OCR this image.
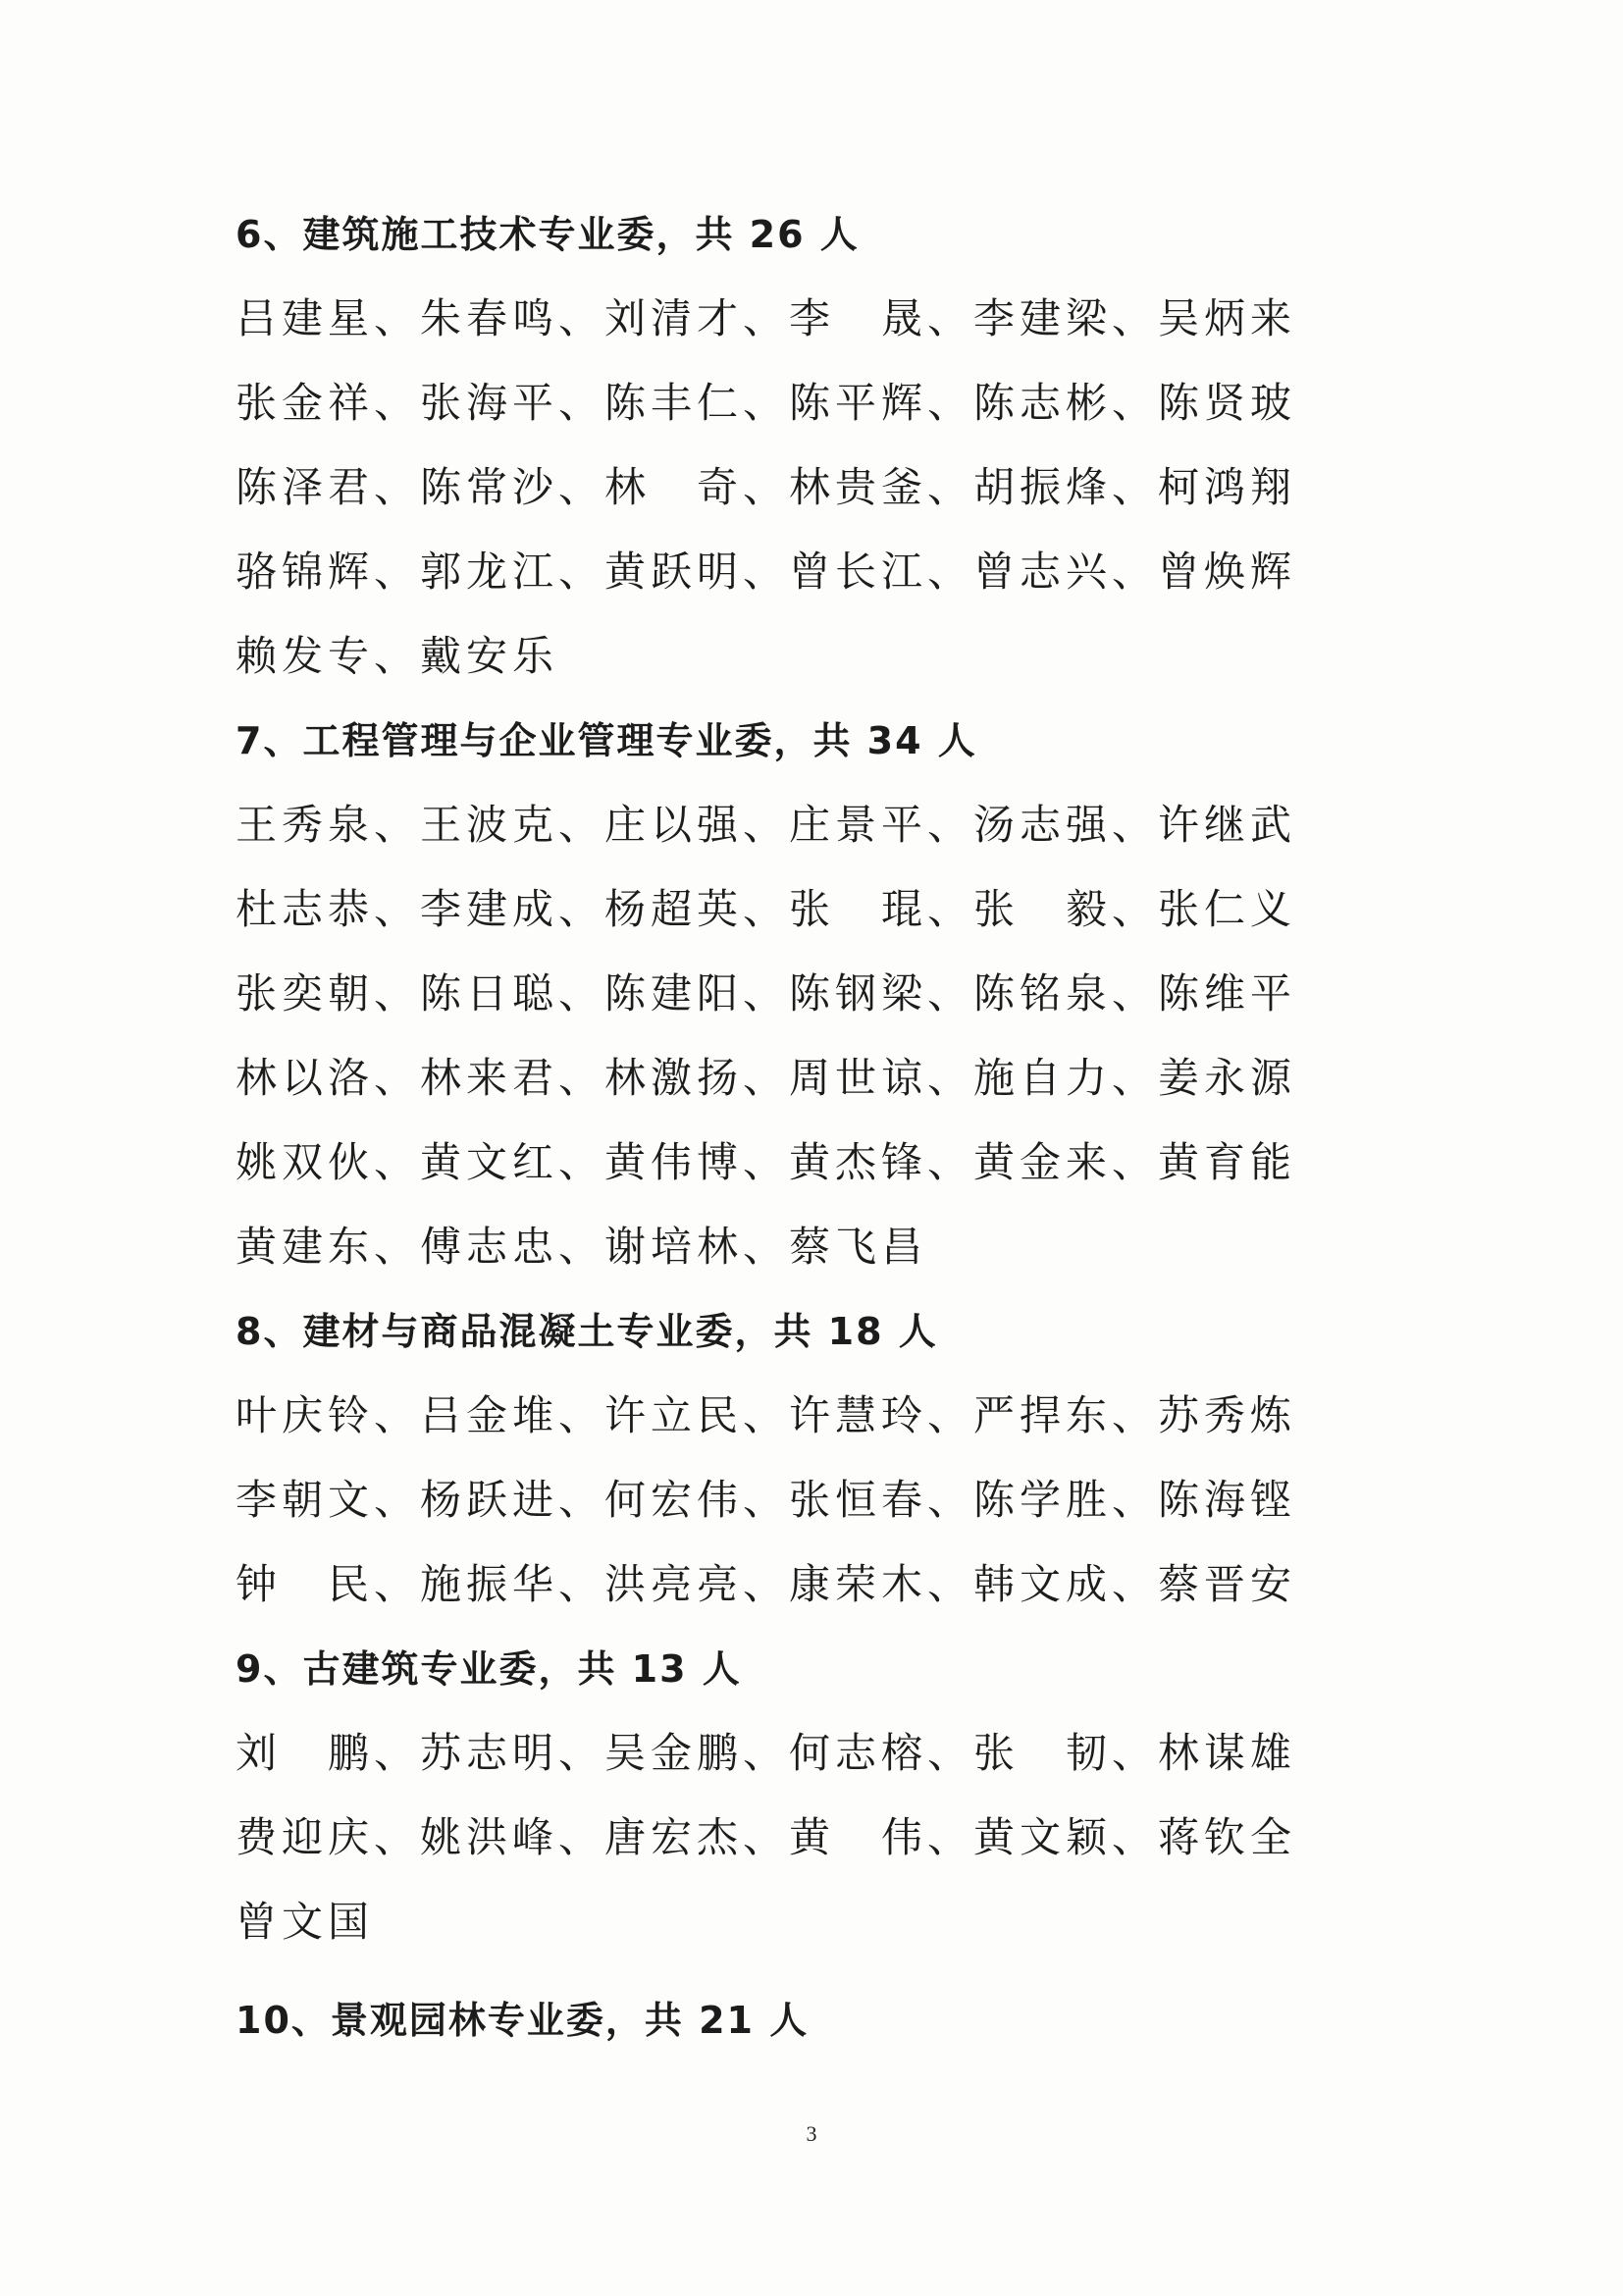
6、建筑施工技术专业委，共 26 人
吕建星、朱春鸣、刘清才、李　晟、李建梁、吴炳来
张金祥、张海平、陈丰仁、陈平辉、陈志彬、陈贤玻
陈泽君、陈常沙、林　奇、林贵釜、胡振烽、柯鸿翔
骆锦辉、郭龙江、黄跃明、曾长江、曾志兴、曾焕辉
赖发专、戴安乐
7、工程管理与企业管理专业委，共 34 人
王秀泉、王波克、庄以强、庄景平、汤志强、许继武
杜志恭、李建成、杨超英、张　琨、张　毅、张仁义
张奕朝、陈日聪、陈建阳、陈钢梁、陈铭泉、陈维平
林以洛、林来君、林激扬、周世谅、施自力、姜永源
姚双伙、黄文红、黄伟博、黄杰锋、黄金来、黄育能
黄建东、傅志忠、谢培林、蔡飞昌
8、建材与商品混凝土专业委，共 18 人
叶庆铃、吕金堆、许立民、许慧玲、严捍东、苏秀炼
李朝文、杨跃进、何宏伟、张恒春、陈学胜、陈海铿
钟　民、施振华、洪亮亮、康荣木、韩文成、蔡晋安
9、古建筑专业委，共 13 人
刘　鹏、苏志明、吴金鹏、何志榕、张　韧、林谋雄
费迎庆、姚洪峰、唐宏杰、黄　伟、黄文颖、蒋钦全
曾文国
10、景观园林专业委，共 21 人
3
